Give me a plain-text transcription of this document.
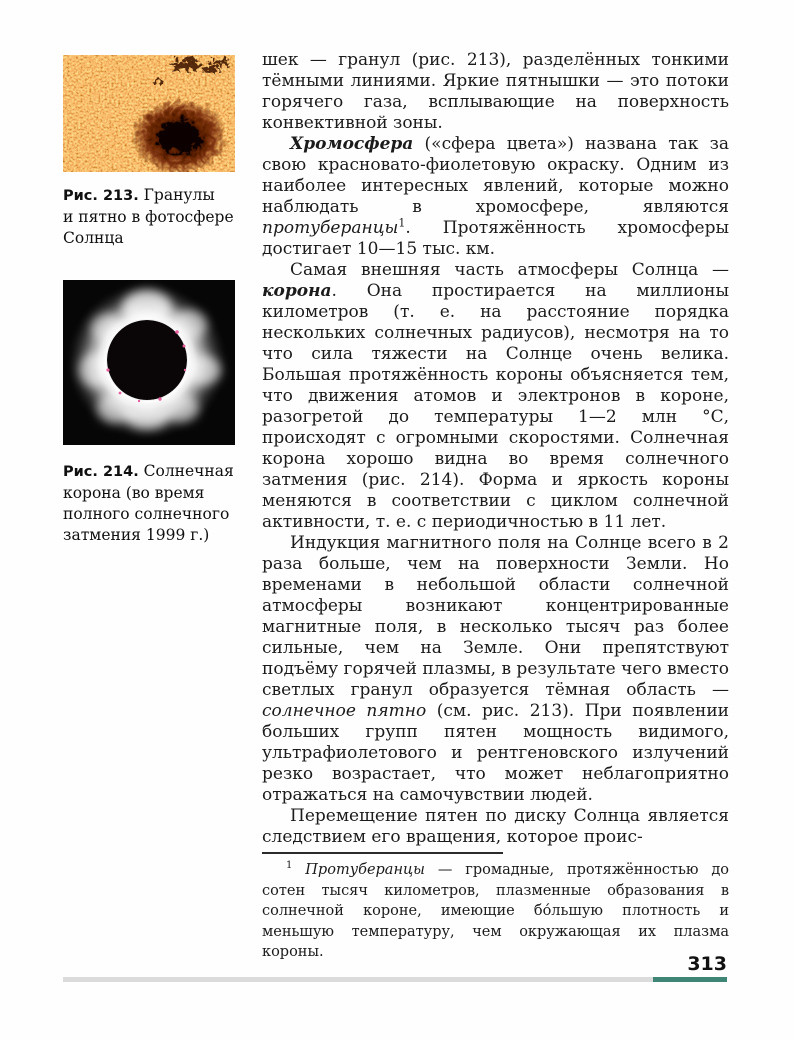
Рис. 213. Гранулы
и пятно в фотосфере
Солнца
Рис. 214. Солнечная
корона (во время
полного солнечного
затмения 1999 г.)

шек — гранул (рис. 213), разделённых тонкими тёмными линиями. Яркие пятнышки — это потоки горячего газа, всплывающие на поверхность конвективной зоны.

Хромосфера («сфера цвета») названа так за свою красновато-фиолетовую окраску. Одним из наиболее интересных явлений, которые можно наблюдать в хромосфере, являются протуберанцы$^1$. Протяжённость хромосферы достигает 10—15 тыс. км.

Самая внешняя часть атмосферы Солнца — корона. Она простирается на миллионы километров (т. е. на расстояние порядка нескольких солнечных радиусов), несмотря на то что сила тяжести на Солнце очень велика. Большая протяжённость короны объясняется тем, что движения атомов и электронов в короне, разогретой до температуры 1—2 млн °С, происходят с огромными скоростями. Солнечная корона хорошо видна во время солнечного затмения (рис. 214). Форма и яркость короны меняются в соответствии с циклом солнечной активности, т. е. с периодичностью в 11 лет.

Индукция магнитного поля на Солнце всего в 2 раза больше, чем на поверхности Земли. Но временами в небольшой области солнечной атмосферы возникают концентрированные магнитные поля, в несколько тысяч раз более сильные, чем на Земле. Они препятствуют подъёму горячей плазмы, в результате чего вместо светлых гранул образуется тёмная область — солнечное пятно (см. рис. 213). При появлении больших групп пятен мощность видимого, ультрафиолетового и рентгеновского излучений резко возрастает, что может неблагоприятно отражаться на самочувствии людей.

Перемещение пятен по диску Солнца является следствием его вращения, которое проис-

$^1$ Протуберанцы — громадные, протяжённостью до сотен тысяч километров, плазменные образования в солнечной короне, имеющие бо́льшую плотность и меньшую температуру, чем окружающая их плазма короны.

313
